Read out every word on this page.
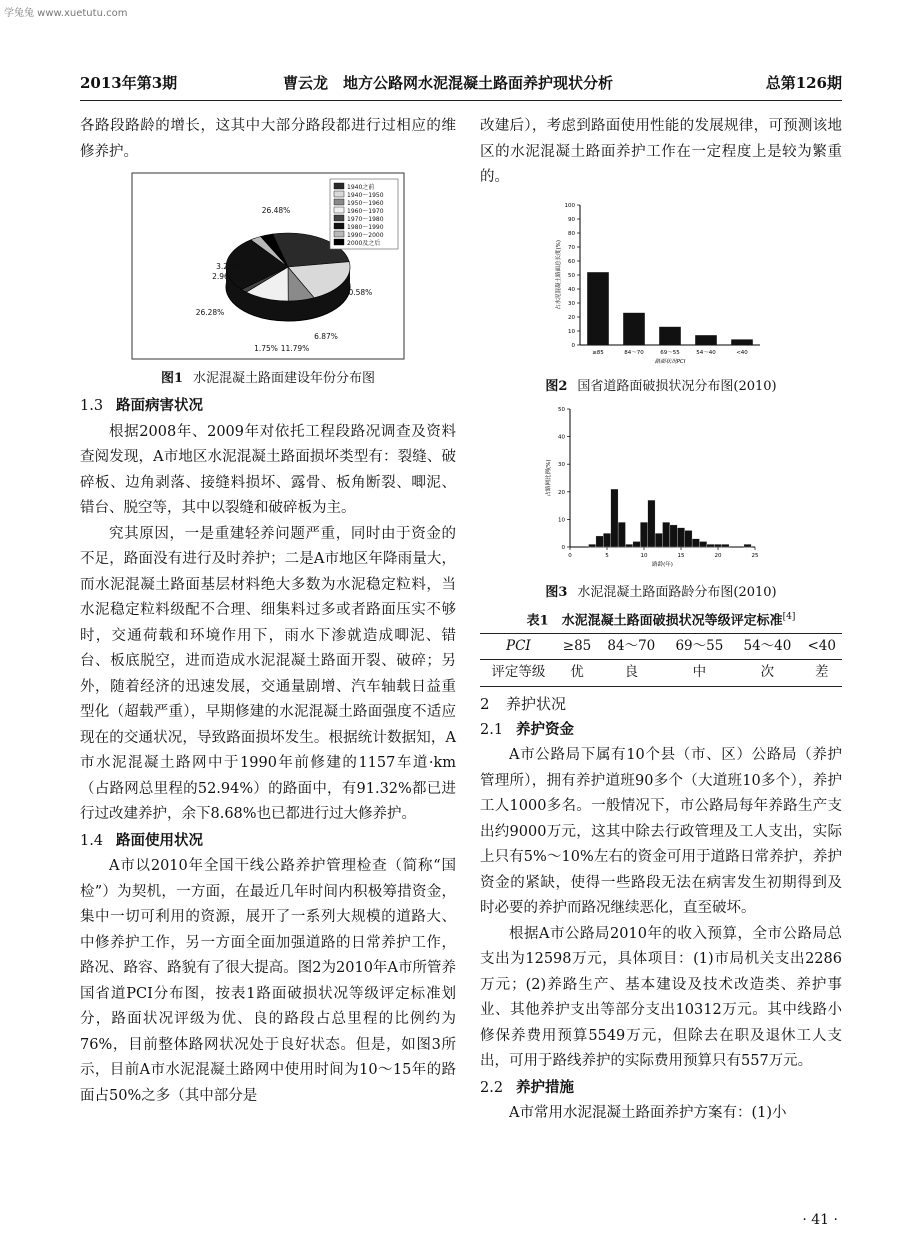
学兔兔 www.xuetutu.com
2013年第3期	曹云龙　地方公路网水泥混凝土路面养护现状分析	总第126期

各路段路龄的增长，这其中大部分路段都进行过相应的维修养护。

26.48%
20.58%
6.87%
11.79%
1.75%
26.28%
2.96%
3.29%
1940之前
1940～1950
1950～1960
1960～1970
1970～1980
1980～1990
1990～2000
2000及之后
图1 水泥混凝土路面建设年份分布图
1.3 路面病害状况

根据2008年、2009年对依托工程段路况调查及资料查阅发现，A市地区水泥混凝土路面损坏类型有：裂缝、破碎板、边角剥落、接缝料损坏、露骨、板角断裂、唧泥、错台、脱空等，其中以裂缝和破碎板为主。

究其原因，一是重建轻养问题严重，同时由于资金的不足，路面没有进行及时养护；二是A市地区年降雨量大，而水泥混凝土路面基层材料绝大多数为水泥稳定粒料，当水泥稳定粒料级配不合理、细集料过多或者路面压实不够时，交通荷载和环境作用下，雨水下渗就造成唧泥、错台、板底脱空，进而造成水泥混凝土路面开裂、破碎；另外，随着经济的迅速发展，交通量剧增、汽车轴载日益重型化（超载严重），早期修建的水泥混凝土路面强度不适应现在的交通状况，导致路面损坏发生。根据统计数据知，A市水泥混凝土路网中于1990年前修建的1157车道·km（占路网总里程的52.94%）的路面中，有91.32%都已进行过改建养护，余下8.68%也已都进行过大修养护。

1.4 路面使用状况

A市以2010年全国干线公路养护管理检查（简称“国检”）为契机，一方面，在最近几年时间内积极筹措资金，集中一切可利用的资源，展开了一系列大规模的道路大、中修养护工作，另一方面全面加强道路的日常养护工作，路况、路容、路貌有了很大提高。图2为2010年A市所管养国省道PCI分布图，按表1路面破损状况等级评定标准划分，路面状况评级为优、良的路段占总里程的比例约为76%，目前整体路网状况处于良好状态。但是，如图3所示，目前A市水泥混凝土路网中使用时间为10～15年的路面占50%之多（其中部分是

改建后），考虑到路面使用性能的发展规律，可预测该地区的水泥混凝土路面养护工作在一定程度上是较为繁重的。

0
10
20
30
40
50
60
70
80
90
100
≥85	84～70	69～55	54～40	<40
路面状况PCI
占水泥混凝土路面总长度(%)
图2 国省道路面破损状况分布图(2010)
0
10
20
30
40
50
0	5	10	15	20	25
路龄(年)
占路网比例(%)
图3 水泥混凝土路面路龄分布图(2010)
表1　水泥混凝土路面破损状况等级评定标准[4]
PCI	≥85	84～70	69～55	54～40	<40
评定等级	优	良	中	次	差
2 养护状况
2.1 养护资金

A市公路局下属有10个县（市、区）公路局（养护管理所），拥有养护道班90多个（大道班10多个），养护工人1000多名。一般情况下，市公路局每年养路生产支出约9000万元，这其中除去行政管理及工人支出，实际上只有5%～10%左右的资金可用于道路日常养护，养护资金的紧缺，使得一些路段无法在病害发生初期得到及时必要的养护而路况继续恶化，直至破坏。

根据A市公路局2010年的收入预算，全市公路局总支出为12598万元，具体项目：(1)市局机关支出2286万元；(2)养路生产、基本建设及技术改造类、养护事业、其他养护支出等部分支出10312万元。其中线路小修保养费用预算5549万元，但除去在职及退休工人支出，可用于路线养护的实际费用预算只有557万元。

2.2 养护措施

A市常用水泥混凝土路面养护方案有：(1)小

· 41 ·
